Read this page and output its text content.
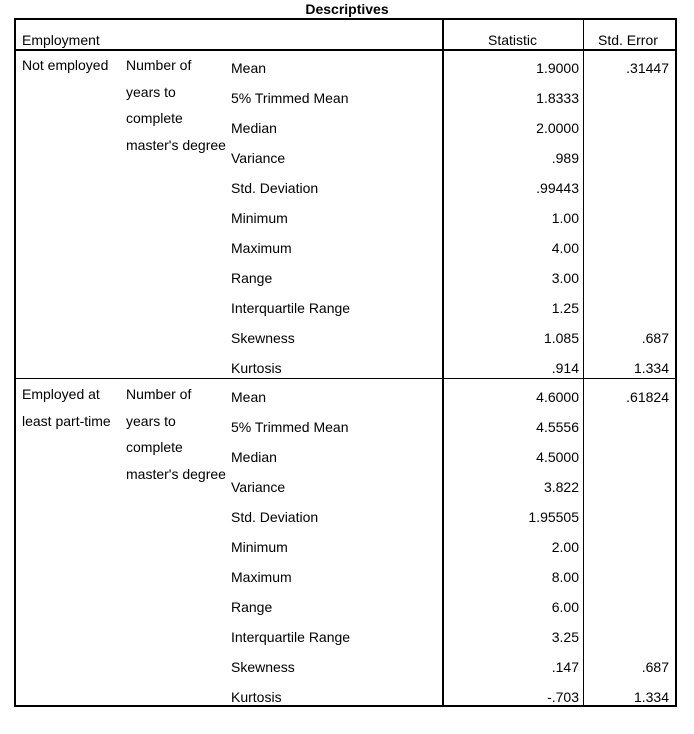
Descriptives
Employment	Statistic	Std. Error
Not employed	Number of years to complete master's degree
Mean	1.9000	.31447
5% Trimmed Mean	1.8333
Median	2.0000
Variance	.989
Std. Deviation	.99443
Minimum	1.00
Maximum	4.00
Range	3.00
Interquartile Range	1.25
Skewness	1.085	.687
Kurtosis	.914	1.334
Employed at least part-time
Number of years to complete master's degree
Mean	4.6000	.61824
5% Trimmed Mean	4.5556
Median	4.5000
Variance	3.822
Std. Deviation	1.95505
Minimum	2.00
Maximum	8.00
Range	6.00
Interquartile Range	3.25
Skewness	.147	.687
Kurtosis	-.703	1.334
